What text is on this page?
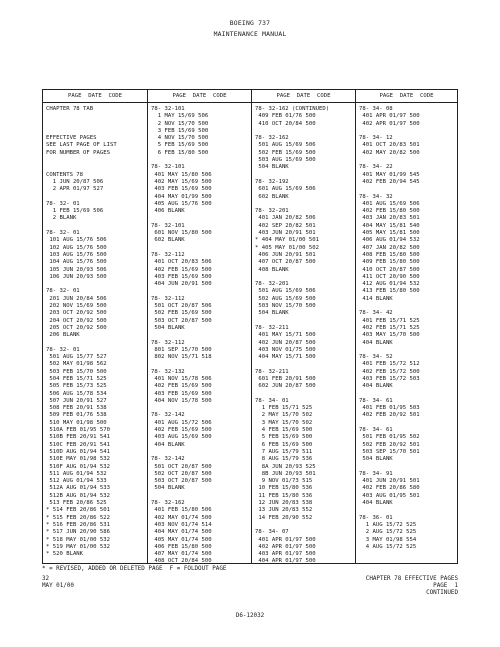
BOEING 737
MAINTENANCE MANUAL
PAGE  DATE  CODE
CHAPTER 78 TAB
EFFECTIVE PAGES
SEE LAST PAGE OF LIST
FOR NUMBER OF PAGES
CONTENTS 78
1 JUN 20/87 506
2 APR 01/97 527
78- 32- 01
1 FEB 15/69 506
2 BLANK
78- 32- 01
101 AUG 15/76 506
102 AUG 15/76 500
103 AUG 15/76 500
104 AUG 15/76 500
105 JUN 20/93 506
106 JUN 20/93 500
78- 32- 01
201 JUN 20/84 506
202 NOV 15/69 500
203 OCT 20/92 500
204 OCT 20/92 500
205 OCT 20/92 500
206 BLANK
78- 32- 01
501 AUG 15/77 527
502 MAY 01/98 562
503 FEB 15/70 500
504 FEB 15/71 525
505 FEB 15/73 525
506 AUG 15/78 534
507 JUN 20/91 527
508 FEB 20/91 538
509 FEB 01/76 538
510 MAY 01/98 500
510A FEB 01/95 570
510B FEB 20/91 541
510C FEB 20/91 541
510D AUG 01/94 541
510E MAY 01/98 532
510F AUG 01/94 532
511 AUG 01/94 532
512 AUG 01/94 533
512A AUG 01/94 533
512B AUG 01/94 532
513 FEB 20/86 525
* 514 FEB 20/86 501
* 515 FEB 20/86 522
* 516 FEB 20/86 531
* 517 JUN 20/90 586
* 518 MAY 01/00 532
* 519 MAY 01/00 532
* 520 BLANK
PAGE  DATE  CODE
78- 32-101
1 MAY 15/69 506
2 NOV 15/70 500
3 FEB 15/69 500
4 NOV 15/70 500
5 FEB 15/69 500
6 FEB 15/80 500
78- 32-101
401 MAY 15/80 506
402 MAY 15/69 500
403 FEB 15/69 500
404 MAY 01/99 500
405 AUG 15/76 500
406 BLANK
78- 32-101
601 NOV 15/80 500
602 BLANK
78- 32-112
401 OCT 20/83 506
402 FEB 15/69 500
403 FEB 15/69 500
404 JUN 20/91 500
78- 32-112
501 OCT 20/87 506
502 FEB 15/69 500
503 OCT 20/87 500
504 BLANK
78- 32-112
801 SEP 15/70 500
802 NOV 15/71 518
78- 32-132
401 NOV 15/78 506
402 FEB 15/69 500
403 FEB 15/69 500
404 NOV 15/78 500
78- 32-142
401 AUG 15/72 506
402 FEB 15/69 500
403 AUG 15/69 500
404 BLANK
78- 32-142
501 OCT 20/87 500
502 OCT 20/87 500
503 OCT 20/87 500
504 BLANK
78- 32-162
401 FEB 15/80 506
402 MAY 01/74 500
403 NOV 01/74 514
404 MAY 01/74 500
405 MAY 01/74 500
406 FEB 15/80 500
407 MAY 01/74 500
408 OCT 20/84 500
PAGE  DATE  CODE
78- 32-162 (CONTINUED)
409 FEB 01/76 500
410 OCT 20/84 500
78- 32-162
501 AUG 15/69 506
502 FEB 15/69 500
503 AUG 15/69 500
504 BLANK
78- 32-192
601 AUG 15/69 506
602 BLANK
78- 32-201
401 JAN 20/82 506
402 SEP 20/82 501
403 JUN 20/91 501
* 404 MAY 01/00 501
* 405 MAY 01/00 502
406 JUN 20/91 501
407 OCT 20/87 500
408 BLANK
78- 32-201
501 AUG 15/69 506
502 AUG 15/69 500
503 NOV 15/70 500
504 BLANK
78- 32-211
401 MAY 15/71 500
402 JUN 20/87 500
403 NOV 01/75 500
404 MAY 15/71 500
78- 32-211
601 FEB 20/91 500
602 JUN 20/87 500
78- 34- 01
1 FEB 15/71 525
2 MAY 15/70 502
3 MAY 15/70 502
4 FEB 15/69 500
5 FEB 15/69 500
6 FEB 15/69 500
7 AUG 15/79 511
8 AUG 15/79 536
8A JUN 20/93 525
8B JUN 20/93 501
9 NOV 01/73 515
10 FEB 15/80 536
11 FEB 15/80 536
12 JUN 20/83 538
13 JUN 20/83 552
14 FEB 20/90 552
78- 34- 07
401 APR 01/97 500
402 APR 01/97 500
403 APR 01/97 500
404 APR 01/97 500
PAGE  DATE  CODE
78- 34- 08
401 APR 01/97 500
402 APR 01/97 500
78- 34- 12
401 OCT 20/83 501
402 MAY 20/82 500
78- 34- 22
401 MAY 01/99 545
402 FEB 20/94 545
78- 34- 32
401 AUG 15/69 506
402 FEB 15/80 500
403 JAN 20/83 501
404 MAY 15/81 540
405 MAY 15/81 500
406 AUG 01/94 532
407 JAN 20/82 500
408 FEB 15/80 500
409 FEB 15/80 500
410 OCT 20/87 500
411 OCT 20/90 500
412 AUG 01/94 532
413 FEB 15/80 500
414 BLANK
78- 34- 42
401 FEB 15/71 525
402 FEB 15/71 525
403 MAY 15/70 500
404 BLANK
78- 34- 52
401 FEB 15/72 512
402 FEB 15/72 500
403 FEB 15/72 503
404 BLANK
78- 34- 61
401 FEB 01/95 503
402 FEB 20/92 501
78- 34- 61
501 FEB 01/95 502
502 FEB 20/92 501
503 SEP 15/70 501
504 BLANK
78- 34- 91
401 JUN 20/91 501
402 FEB 20/86 580
403 AUG 01/95 501
404 BLANK
78- 36- 01
1 AUG 15/72 525
2 AUG 15/72 525
3 MAY 01/98 554
4 AUG 15/72 525
* = REVISED, ADDED OR DELETED PAGE  F = FOLDOUT PAGE
32
MAY 01/00
CHAPTER 78 EFFECTIVE PAGES
PAGE  1
CONTINUED
D6-12032
